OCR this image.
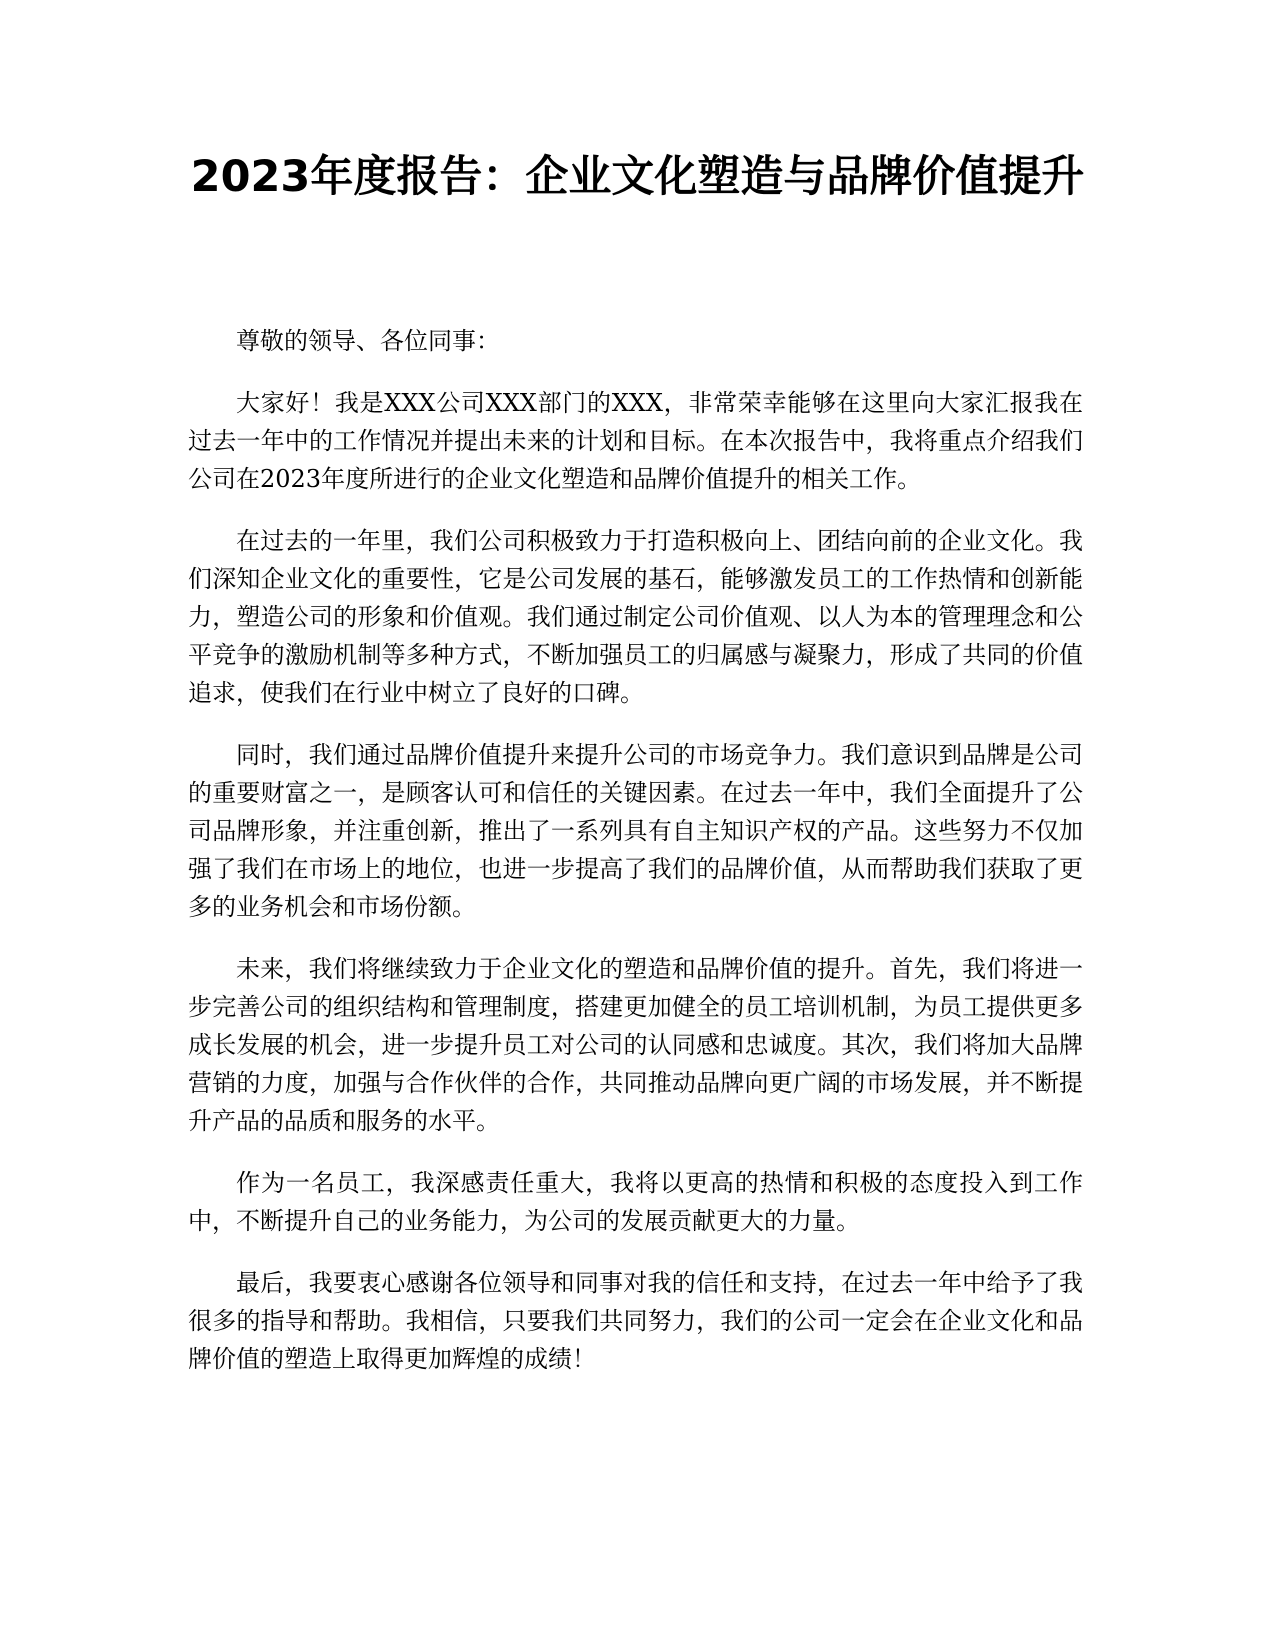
2023年度报告：企业文化塑造与品牌价值提升

尊敬的领导、各位同事：

大家好！我是XXX公司XXX部门的XXX，非常荣幸能够在这里向大家汇报我在过去一年中的工作情况并提出未来的计划和目标。在本次报告中，我将重点介绍我们公司在2023年度所进行的企业文化塑造和品牌价值提升的相关工作。

在过去的一年里，我们公司积极致力于打造积极向上、团结向前的企业文化。我们深知企业文化的重要性，它是公司发展的基石，能够激发员工的工作热情和创新能力，塑造公司的形象和价值观。我们通过制定公司价值观、以人为本的管理理念和公平竞争的激励机制等多种方式，不断加强员工的归属感与凝聚力，形成了共同的价值追求，使我们在行业中树立了良好的口碑。

同时，我们通过品牌价值提升来提升公司的市场竞争力。我们意识到品牌是公司的重要财富之一，是顾客认可和信任的关键因素。在过去一年中，我们全面提升了公司品牌形象，并注重创新，推出了一系列具有自主知识产权的产品。这些努力不仅加强了我们在市场上的地位，也进一步提高了我们的品牌价值，从而帮助我们获取了更多的业务机会和市场份额。

未来，我们将继续致力于企业文化的塑造和品牌价值的提升。首先，我们将进一步完善公司的组织结构和管理制度，搭建更加健全的员工培训机制，为员工提供更多成长发展的机会，进一步提升员工对公司的认同感和忠诚度。其次，我们将加大品牌营销的力度，加强与合作伙伴的合作，共同推动品牌向更广阔的市场发展，并不断提升产品的品质和服务的水平。

作为一名员工，我深感责任重大，我将以更高的热情和积极的态度投入到工作中，不断提升自己的业务能力，为公司的发展贡献更大的力量。

最后，我要衷心感谢各位领导和同事对我的信任和支持，在过去一年中给予了我很多的指导和帮助。我相信，只要我们共同努力，我们的公司一定会在企业文化和品牌价值的塑造上取得更加辉煌的成绩！
